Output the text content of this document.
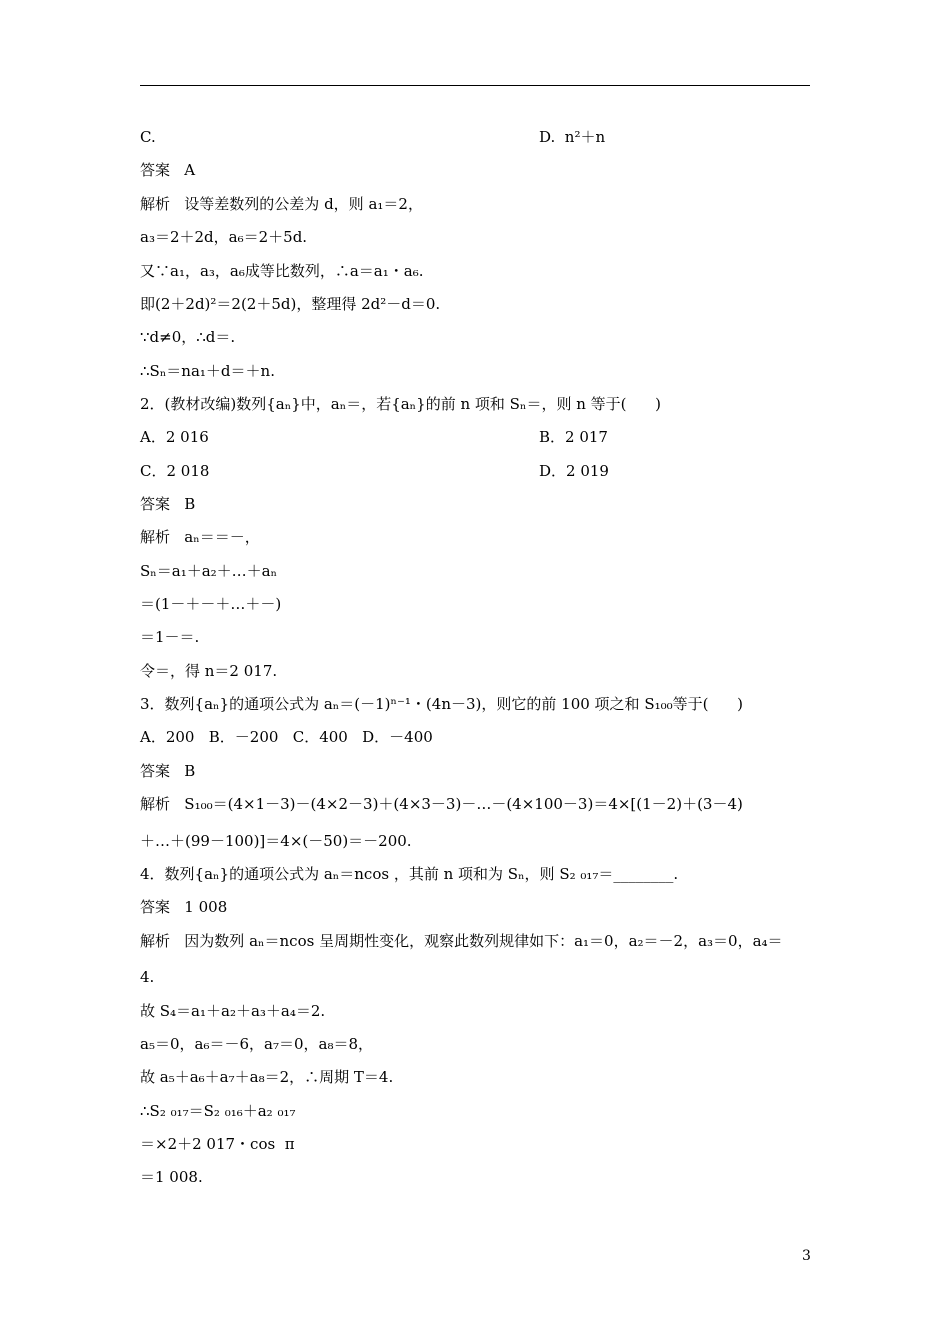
C.	D.  n²＋n
答案   A
解析   设等差数列的公差为 d，则 a₁＝2，
a₃＝2＋2d，a₆＝2＋5d.
又∵a₁，a₃，a₆成等比数列，∴a＝a₁・a₆.
即(2＋2d)²＝2(2＋5d)，整理得 2d²－d＝0.
∵d≠0，∴d＝.
∴Sₙ＝na₁＋d＝＋n.
2．(教材改编)数列{aₙ}中，aₙ＝，若{aₙ}的前 n 项和 Sₙ＝，则 n 等于(      )
A．2 016	B．2 017
C．2 018	D．2 019
答案   B
解析   aₙ＝＝－，
Sₙ＝a₁＋a₂＋…＋aₙ
＝(1－＋－＋…＋－)
＝1－＝.
令＝，得 n＝2 017.
3．数列{aₙ}的通项公式为 aₙ＝(－1)ⁿ⁻¹・(4n－3)，则它的前 100 项之和 S₁₀₀等于(      )
A．200   B．－200   C．400   D．－400
答案   B
解析   S₁₀₀＝(4×1－3)－(4×2－3)＋(4×3－3)－…－(4×100－3)＝4×[(1－2)＋(3－4)
＋…＋(99－100)]＝4×(－50)＝－200.
4．数列{aₙ}的通项公式为 aₙ＝ncos ，其前 n 项和为 Sₙ，则 S₂ ₀₁₇＝________.
答案   1 008
解析   因为数列 aₙ＝ncos 呈周期性变化，观察此数列规律如下：a₁＝0，a₂＝－2，a₃＝0，a₄＝
4.
故 S₄＝a₁＋a₂＋a₃＋a₄＝2.
a₅＝0，a₆＝－6，a₇＝0，a₈＝8，
故 a₅＋a₆＋a₇＋a₈＝2，∴周期 T＝4.
∴S₂ ₀₁₇＝S₂ ₀₁₆＋a₂ ₀₁₇
＝×2＋2 017・cos  π
＝1 008.
3
